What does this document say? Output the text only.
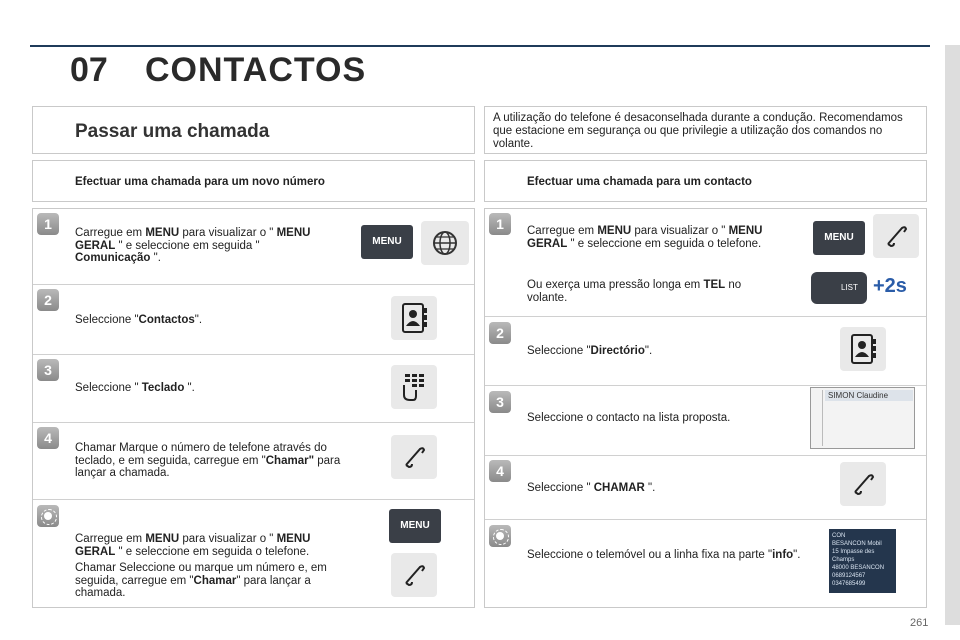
07 CONTACTOS
Passar uma chamada
Efectuar uma chamada para um novo número
1
Carregue em MENU para visualizar o " MENU GERAL " e seleccione em seguida " Comunicação ".
MENU
2
Seleccione "Contactos".
3
Seleccione " Teclado ".
4
Chamar Marque o número de telefone através do teclado, e em seguida, carregue em "Chamar" para lançar a chamada.
Carregue em MENU para visualizar o " MENU GERAL " e seleccione em seguida o telefone.
Chamar Seleccione ou marque um número e, em seguida, carregue em "Chamar" para lançar a chamada.
MENU
A utilização do telefone é desaconselhada durante a condução. Recomendamos que estacione em segurança ou que privilegie a utilização dos comandos no volante.
Efectuar uma chamada para um contacto
1	Carregue em MENU para visualizar o " MENU GERAL " e seleccione em seguida o telefone.
Ou exerça uma pressão longa em TEL no volante.
MENU
LIST +2s
2
Seleccione "Directório".
3
Seleccione o contacto na lista proposta.
SIMON Claudine
4
Seleccione " CHAMAR ".
Seleccione o telemóvel ou a linha fixa na parte "info".
CON
BESANCON Mobil
15 Impasse des Champs
48000 BESANCON
0689124567
0347685499
261
